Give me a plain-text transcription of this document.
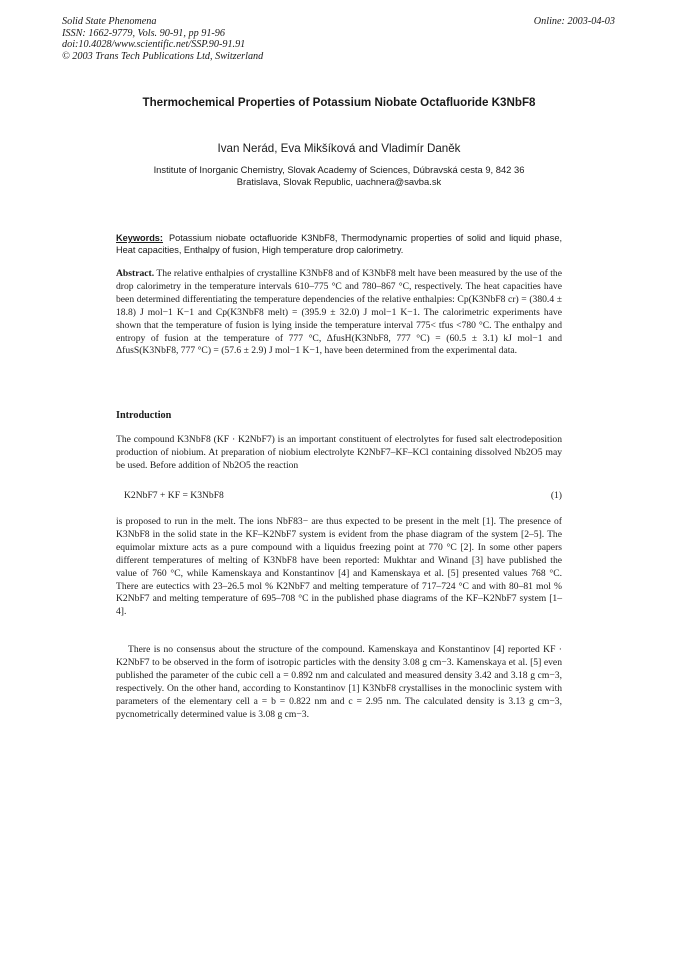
Solid State Phenomena
ISSN: 1662-9779, Vols. 90-91, pp 91-96
doi:10.4028/www.scientific.net/SSP.90-91.91
© 2003 Trans Tech Publications Ltd, Switzerland
Online: 2003-04-03
Thermochemical Properties of Potassium Niobate Octafluoride K3NbF8
Ivan Nerád, Eva Mikšíková and Vladimír Daněk
Institute of Inorganic Chemistry, Slovak Academy of Sciences, Dúbravská cesta 9, 842 36
Bratislava, Slovak Republic, uachnera@savba.sk
Keywords: Potassium niobate octafluoride K3NbF8, Thermodynamic properties of solid and liquid phase, Heat capacities, Enthalpy of fusion, High temperature drop calorimetry.
Abstract. The relative enthalpies of crystalline K3NbF8 and of K3NbF8 melt have been measured by the use of the drop calorimetry in the temperature intervals 610–775 °C and 780–867 °C, respectively. The heat capacities have been determined differentiating the temperature dependencies of the relative enthalpies: Cp(K3NbF8 cr) = (380.4 ± 18.8) J mol−1 K−1 and Cp(K3NbF8 melt) = (395.9 ± 32.0) J mol−1 K−1. The calorimetric experiments have shown that the temperature of fusion is lying inside the temperature interval 775< tfus <780 °C. The enthalpy and entropy of fusion at the temperature of 777 °C, ΔfusH(K3NbF8, 777 °C) = (60.5 ± 3.1) kJ mol−1 and ΔfusS(K3NbF8, 777 °C) = (57.6 ± 2.9) J mol−1 K−1, have been determined from the experimental data.
Introduction
The compound K3NbF8 (KF · K2NbF7) is an important constituent of electrolytes for fused salt electrodeposition production of niobium. At preparation of niobium electrolyte K2NbF7–KF–KCl containing dissolved Nb2O5 may be used. Before addition of Nb2O5 the reaction
K2NbF7 + KF = K3NbF8	(1)
is proposed to run in the melt. The ions NbF83− are thus expected to be present in the melt [1]. The presence of K3NbF8 in the solid state in the KF–K2NbF7 system is evident from the phase diagram of the system [2–5]. The equimolar mixture acts as a pure compound with a liquidus freezing point at 770 °C [2]. In some other papers different temperatures of melting of K3NbF8 have been reported: Mukhtar and Winand [3] have published the value of 760 °C, while Kamenskaya and Konstantinov [4] and Kamenskaya et al. [5] presented values 768 °C. There are eutectics with 23–26.5 mol % K2NbF7 and melting temperature of 717–724 °C and with 80–81 mol % K2NbF7 and melting temperature of 695–708 °C in the published phase diagrams of the KF–K2NbF7 system [1–4].
There is no consensus about the structure of the compound. Kamenskaya and Konstantinov [4] reported KF · K2NbF7 to be observed in the form of isotropic particles with the density 3.08 g cm−3. Kamenskaya et al. [5] even published the parameter of the cubic cell a = 0.892 nm and calculated and measured density 3.42 and 3.18 g cm−3, respectively. On the other hand, according to Konstantinov [1] K3NbF8 crystallises in the monoclinic system with parameters of the elementary cell a = b = 0.822 nm and c = 2.95 nm. The calculated density is 3.13 g cm−3, pycnometrically determined value is 3.08 g cm−3.
